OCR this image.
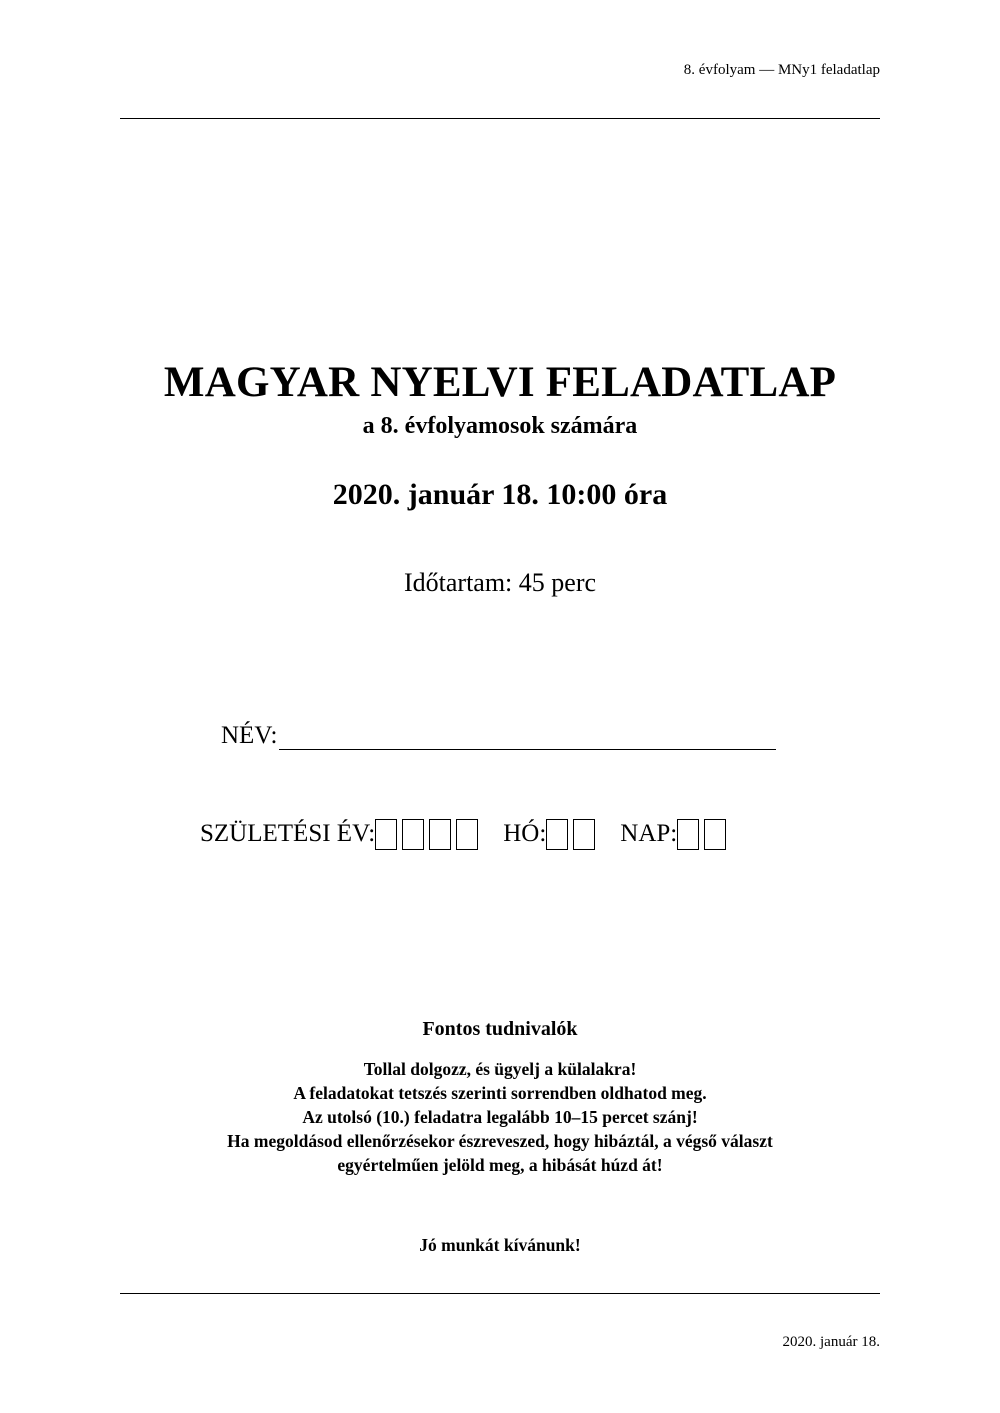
8. évfolyam — MNy1 feladatlap
MAGYAR NYELVI FELADATLAP
a 8. évfolyamosok számára
2020. január 18. 10:00 óra
Időtartam: 45 perc
NÉV:
SZÜLETÉSI ÉV:	HÓ:	NAP:
Fontos tudnivalók
Tollal dolgozz, és ügyelj a külalakra!
A feladatokat tetszés szerinti sorrendben oldhatod meg.
Az utolsó (10.) feladatra legalább 10–15 percet szánj!
Ha megoldásod ellenőrzésekor észreveszed, hogy hibáztál, a végső választ
egyértelműen jelöld meg, a hibását húzd át!
Jó munkát kívánunk!
2020. január 18.
